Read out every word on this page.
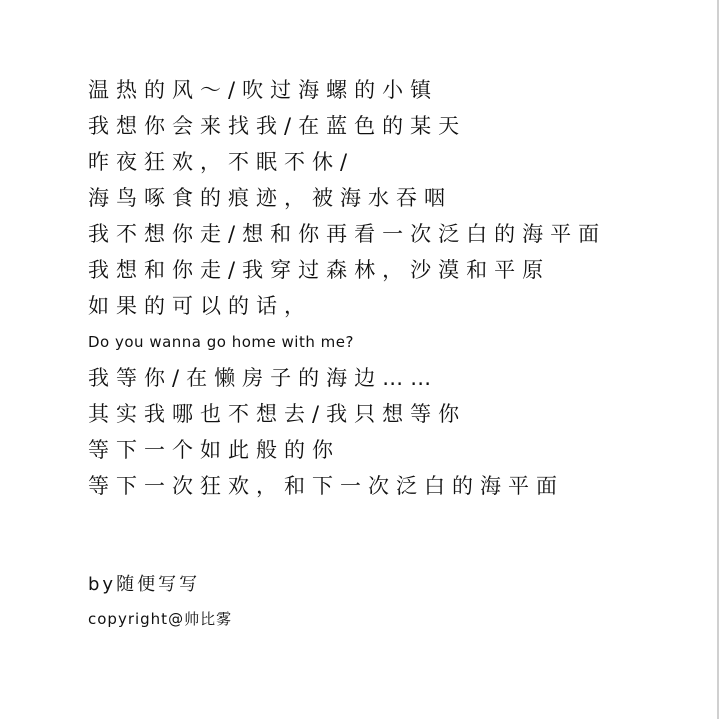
温热的风～/吹过海螺的小镇
我想你会来找我/在蓝色的某天
昨夜狂欢，不眠不休/
海鸟啄食的痕迹，被海水吞咽
我不想你走/想和你再看一次泛白的海平面
我想和你走/我穿过森林，沙漠和平原
如果的可以的话，
Do you wanna go home with me?
我等你/在懒房子的海边……
其实我哪也不想去/我只想等你
等下一个如此般的你
等下一次狂欢，和下一次泛白的海平面
by随便写写
copyright@帅比雾
